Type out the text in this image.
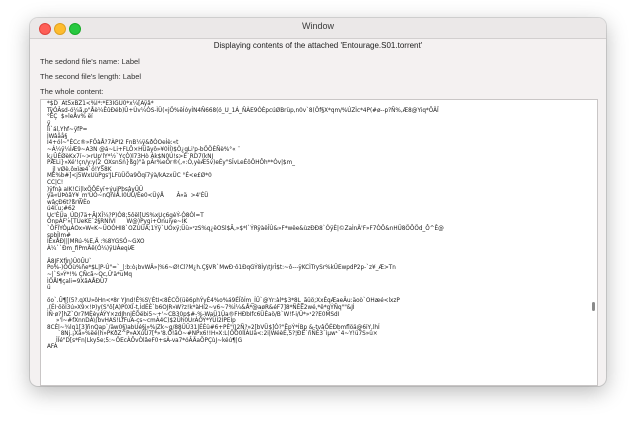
Window
Displaying contents of the attached 'Entourage.S01.torrent'
The sedond file's name: Label
The second file's length: Label
The whole content:
*$D  At5xBZ1<%Í*:*Ê3ÎGÜ0*x¼[Áÿâ*
TÿÓÂsd-ó¼ã,p"Åè¼ÊûÐéb)Û+Ùv¼ÒS-ÌÜ(«jÖ%êÍóyÍN4Ñ668(ó_U_1Á_ÑÀE9ÓÈpcúØBrüp,n0v`8(Öf§X*qm/%ÚZÌc*4P(#ø--p?Ñ%,Æ8@Yiq*ÔÄÏ
°ÊÇ  $»leÅv% ëí
ÿ
Îi`ál,Yhf~ÿfP=
ÌWâåå§
Ì4+ól~"ÈCc®»FÖàÅ?7ÀPI2 FnB¼ÿ&ðÒOeÌè:«t
~Á¼ÿ¼ÌÆ9~A3N @á~Li+FLÔ×HÜãyô»¥0ÌÍ)$Ò¿gLi'p-bÖÖÈÑè%°« ¨
k¿ÛÉØèKx7í~>rUp'lY*½`YçÒ)l73Hò Ák$N0Ú!s>E`RD7(kNJ
PÆLi}»Xé'!çn/y:y(2_OXsnSn}ßg)"ä pÂr%eÕr®(,«:Ò,yèÆ5v)eÉy"SÎvLeÉöÖHÔh**Óv|$m_
jl vØè.ô¤ìæ4`ó!Y58K
MÉ%b#]<j5WxUùPgs'JLFùÜÖa9Öqï7ýà/kAzxÜC °É<e£Ø*0
CC|C!
)ÿfnà aIK!Ci|lxÖÔÉyï+ýuiPbsâyÜÜ
ýä«ÙÞòâY¥_m'ÜÓ~nQñÌÅ.Ì0ÙÜ/Èe0<ÜýÅ       Â«ä  >4'ÉÜ
wâçÐ6t?ßrWÈo
ú4Ì.u;#62
Uc'ÈÜa¸ÚDI7ä+ÃJXÎ¼?P)Ó8;5ôël[US%xUç6gèÝ-Ó8Ól=T
ÓnpÁF'»[TÚeKE`z§RNÌVI      W@)Pygi+Ònuiye~ÍK
`ÖFÏYÒµÀOx»W«K~ÜOÓHI8`OZÙÜÄ;1Ýÿ`UOxÿ;Üü»²zS%q¿ëOSl$Ã,»$*l`ÝRÿàëÎÙ&»F*wëe&ùzÐÐ8`ÓÿÈ|©ZaÌnÄ'F»F7ÒÔ&nHÜ8ÖÕÖd_Ô^Ê@
spbÎIm#
ÍÈxÅÐ|||MRú-%E,Ä :%8YGSÓ~GXO
À¼``Ðm_fiPmÄê(Ó¼)ÿUÀeqiÆ

Ä8JFXfÌn)Ü0ÛU`
Po%-)ÔÔù%ñe*$L|P-Ú"=`_|:b:ò¡bvWÄ»|%6~Ø!Cl?M¿h.Ç§VR`MwÐ·ô1ÐqGÝ8Ìy\tJrÎ$t:~ô---ÿKCÌTrySr%kÜEwpdP2p-`z¥_Æ>Tn
~|`S»Ý*!% ÇÑcã~Qc,Ü'ä*uMq
ÌÖÅl¶çali=9XãAÅÐÜ7
ü

öo`.Û¶[(5?.qXU»ôHn<ª8r YJnd!Ê%S\'ÉtI<8ÈCÖ(üë6phÝyÈ4%o%á9ÉÏôÍm_ÍÜ`@Yr:àl*$3*8L_ãüö;XxÈqÆaeÂu:äoò`OHæé<lxzP
,(ÉI·ööÎ3ú»X9×!Þ)y(S"ô[A)P0XÏ-t,ÌdÉÉ`b6OJR»W?z!k*àHí2~v6~7%Ì¼&Å*@aøR&éF7]8*ÑÊÈ2wé,*ë*gÝÑq""&JÌ
ÌÑ·ø?]hZ`Or7MÈèyÁÝY×zdJhnjÉÕëbi5~+'~CB30p$#-%-WaÜ1Üa®FHÐbIfc6ÜÈaö/B`W!f-i/Ü*»¹2?E0MSdI
»'l~#fXnnDÀ\(bvHAS!LfFuA-çs~cmÀ4C)$2Üh0UrÀÔÝ*ÝÜÌ2ÌPEÌp
8CÈl~¾lq1[3]ñnQap`/äw0§)abUé§j»%jZk~g/88ÜÜ31|ÉÈü#6+PÈ"(J2Ñ?»2[bVÜ$]Ó?"ÊpÝ*ÍBp &-tvâÖÉÐbmflöä@6iY,lhÍ
`8Nj.¡Xã»%ëé(h»PKðZ^P»AXúÜ7[*»'8.Ô!ãÖ~#NPx6!!H»X:L(ÖÒ0lÏÀUä<:2i|WéèÉ,5?¦ÐÈ`ñÑÊ3`ìµw¹`4~Y!ü7S»ü×
ÌÏé"D[s*Fn|Lky5e;5:~ÖEcÀÔvÒlâeF0+sÀ-va7*óÂÄaÖPÇùJ~kéú¶|G
AFÀ
